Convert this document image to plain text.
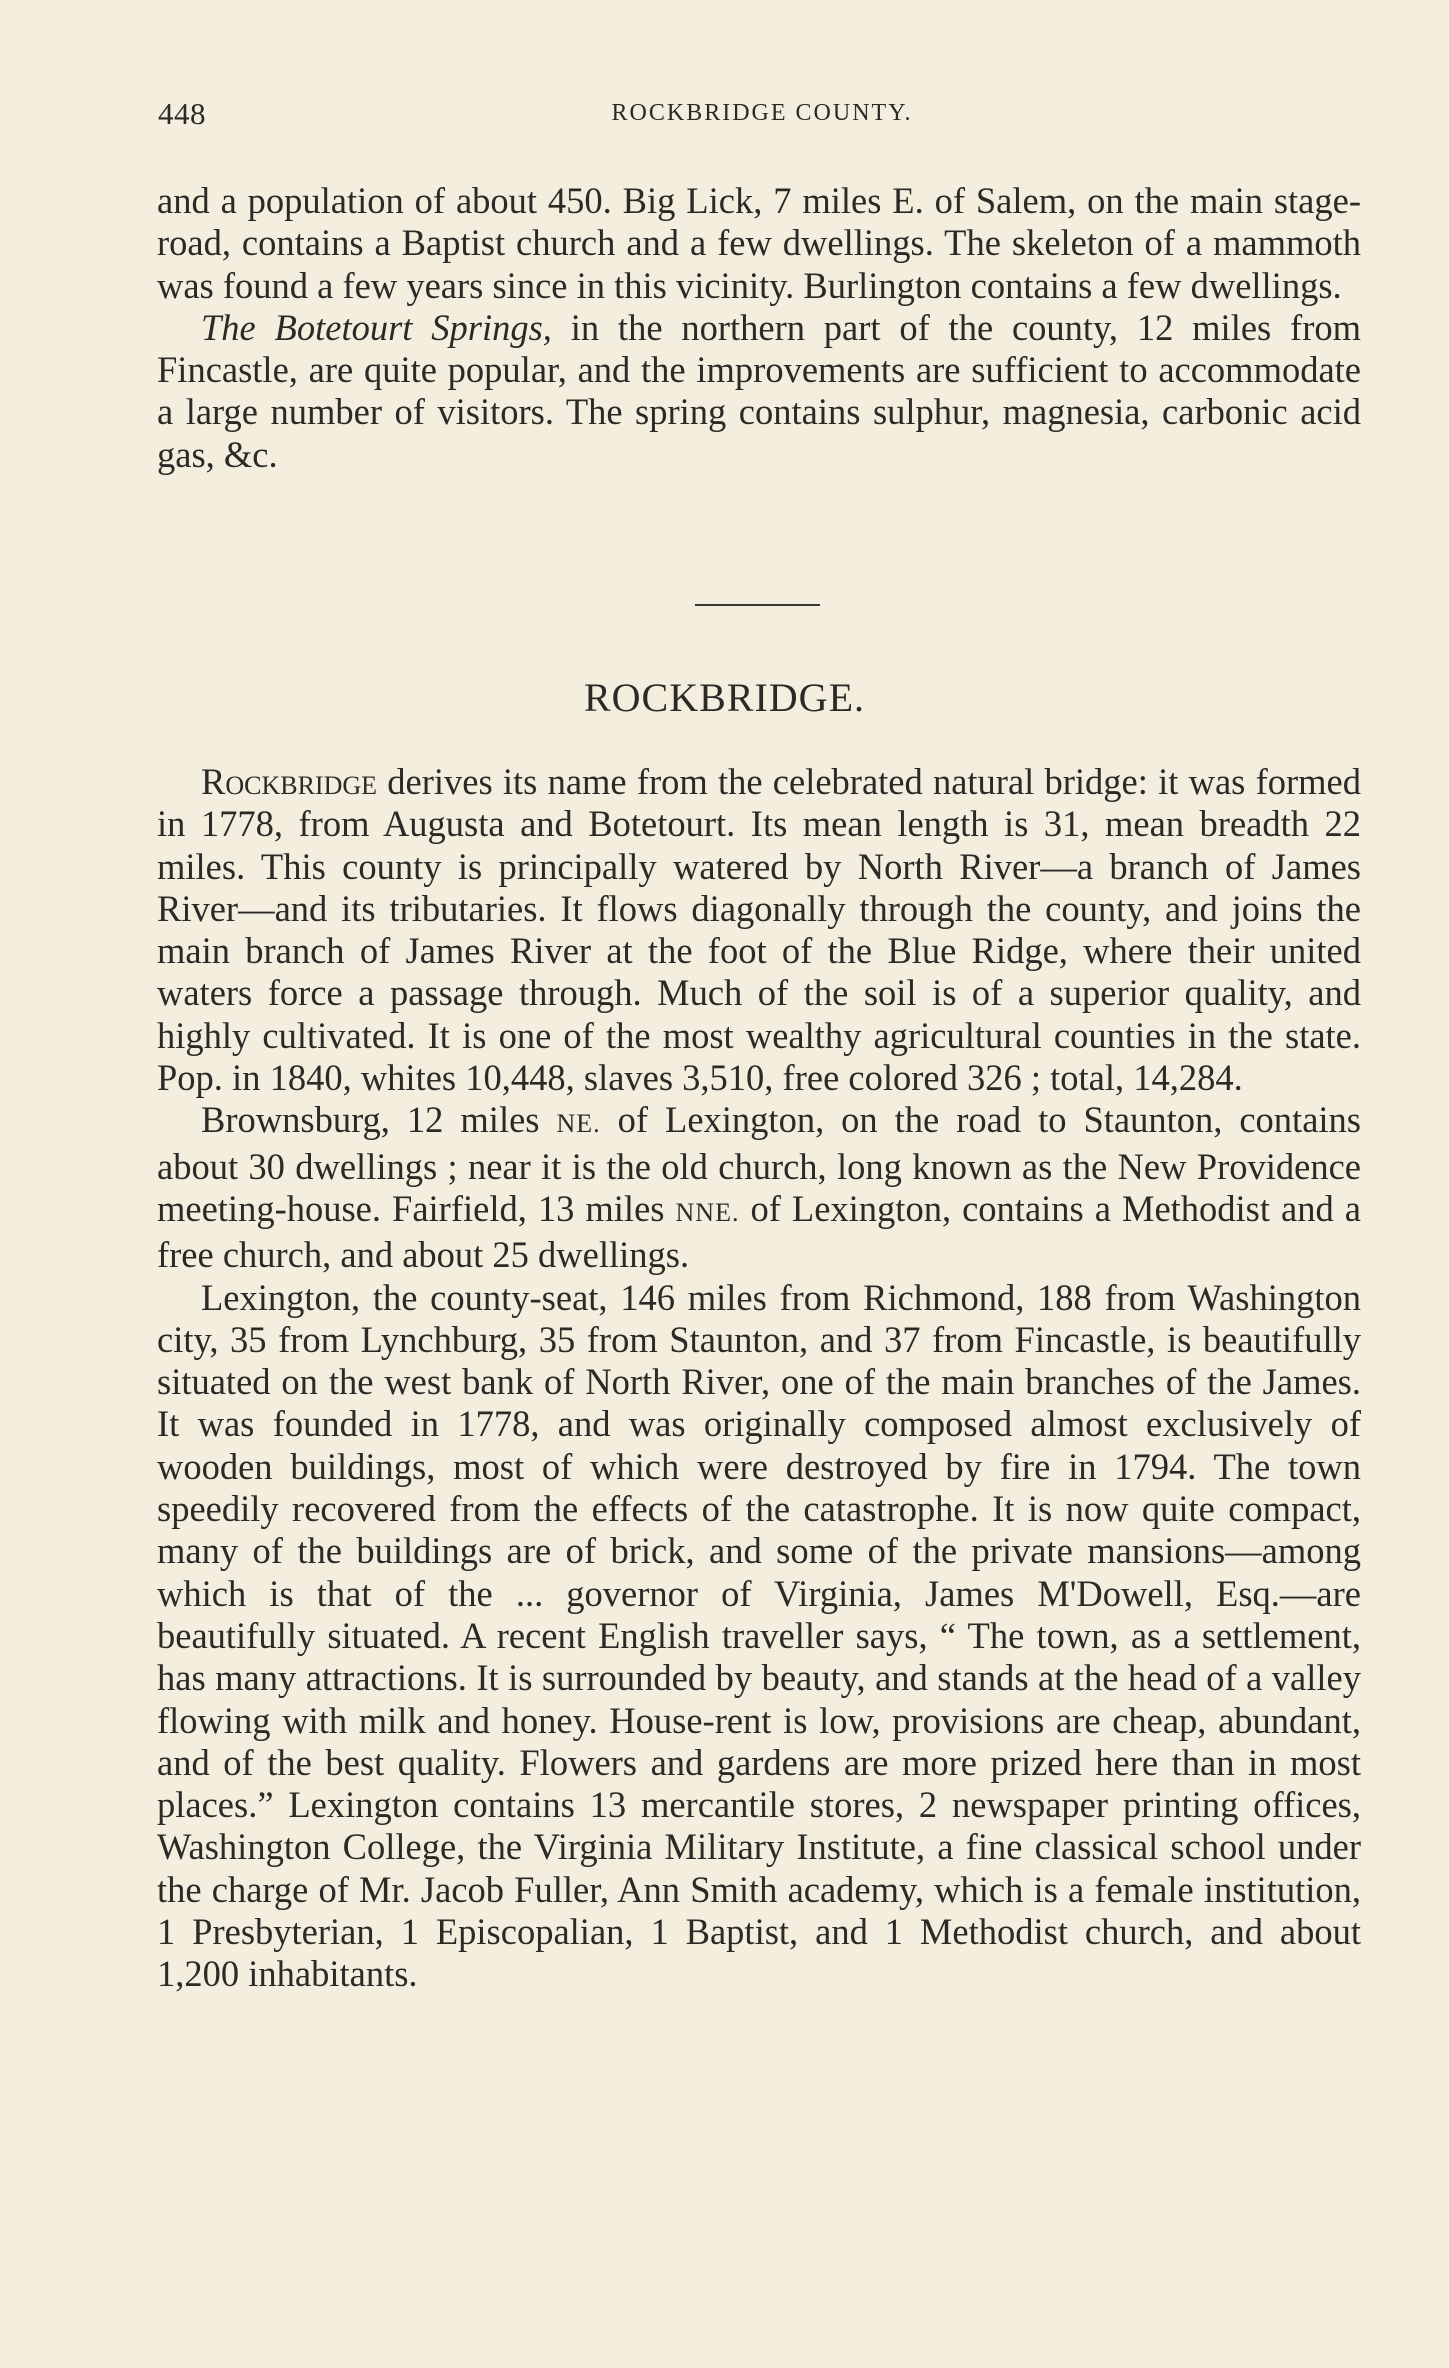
448	ROCKBRIDGE COUNTY.

and a population of about 450. Big Lick, 7 miles E. of Salem, on the main stage-road, contains a Baptist church and a few dwellings. The skeleton of a mammoth was found a few years since in this vicinity. Burlington contains a few dwellings.

The Botetourt Springs, in the northern part of the county, 12 miles from Fincastle, are quite popular, and the improvements are sufficient to accommodate a large number of visitors. The spring contains sulphur, magnesia, carbonic acid gas, &c.

ROCKBRIDGE.

Rockbridge derives its name from the celebrated natural bridge: it was formed in 1778, from Augusta and Botetourt. Its mean length is 31, mean breadth 22 miles. This county is principally watered by North River—a branch of James River—and its tributaries. It flows diagonally through the county, and joins the main branch of James River at the foot of the Blue Ridge, where their united waters force a passage through. Much of the soil is of a superior quality, and highly cultivated. It is one of the most wealthy agricultural counties in the state. Pop. in 1840, whites 10,448, slaves 3,510, free colored 326 ; total, 14,284.

Brownsburg, 12 miles NE. of Lexington, on the road to Staunton, contains about 30 dwellings ; near it is the old church, long known as the New Providence meeting-house. Fairfield, 13 miles NNE. of Lexington, contains a Methodist and a free church, and about 25 dwellings.

Lexington, the county-seat, 146 miles from Richmond, 188 from Washington city, 35 from Lynchburg, 35 from Staunton, and 37 from Fincastle, is beautifully situated on the west bank of North River, one of the main branches of the James. It was founded in 1778, and was originally composed almost exclusively of wooden buildings, most of which were destroyed by fire in 1794. The town speedily recovered from the effects of the catastrophe. It is now quite compact, many of the buildings are of brick, and some of the private mansions—among which is that of the ... governor of Virginia, James M'Dowell, Esq.—are beautifully situated. A recent English traveller says, “ The town, as a settlement, has many attractions. It is surrounded by beauty, and stands at the head of a valley flowing with milk and honey. House-rent is low, provisions are cheap, abundant, and of the best quality. Flowers and gardens are more prized here than in most places.” Lexington contains 13 mercantile stores, 2 newspaper printing offices, Washington College, the Virginia Military Institute, a fine classical school under the charge of Mr. Jacob Fuller, Ann Smith academy, which is a female institution, 1 Presbyterian, 1 Episcopalian, 1 Baptist, and 1 Methodist church, and about 1,200 inhabitants.
